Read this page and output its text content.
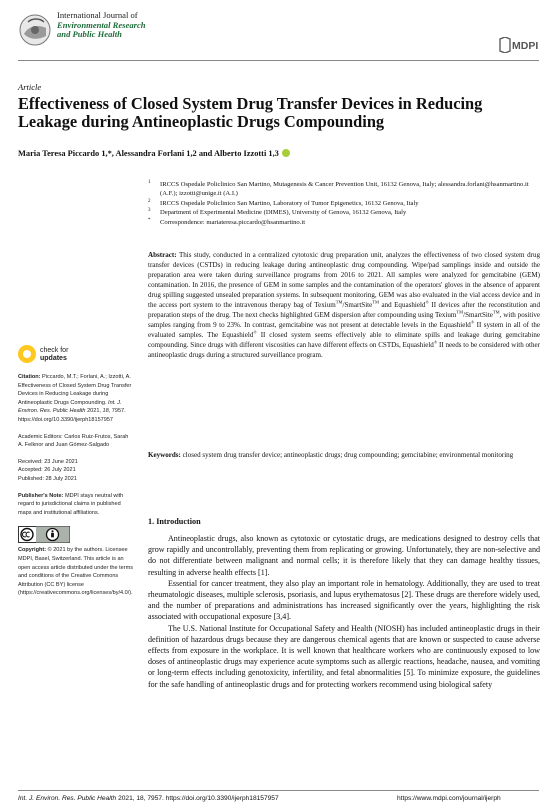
International Journal of
Environmental Research
and Public Health
MDPI
Article
Effectiveness of Closed System Drug Transfer Devices in Reducing Leakage during Antineoplastic Drugs Compounding
Maria Teresa Piccardo 1,*, Alessandra Forlani 1,2 and Alberto Izzotti 1,3
1 IRCCS Ospedale Policlinico San Martino, Mutagenesis & Cancer Prevention Unit, 16132 Genova, Italy; alessandra.forlani@hsanmartino.it (A.F.); izzotti@unige.it (A.I.)
2 IRCCS Ospedale Policlinico San Martino, Laboratory of Tumor Epigenetics, 16132 Genova, Italy
3 Department of Experimental Medicine (DIMES), University of Genova, 16132 Genova, Italy
* Correspondence: mariateresa.piccardo@hsanmartino.it
Abstract: This study, conducted in a centralized cytotoxic drug preparation unit, analyzes the effectiveness of two closed system drug transfer devices (CSTDs) in reducing leakage during antineoplastic drug compounding. Wipe/pad samplings inside and outside the preparation area were taken during surveillance programs from 2016 to 2021. All samples were analyzed for gemcitabine (GEM) contamination. In 2016, the presence of GEM in some samples and the contamination of the operators' gloves in the absence of apparent drug spilling suggested unsealed preparation systems. In subsequent monitoring, GEM was also evaluated in the vial access device and in the access port system to the intravenous therapy bag of Texium™/SmartSite™ and Equashield® II devices after the reconstitution and preparation steps of the drug. The next checks highlighted GEM dispersion after compounding using Texium™/SmartSite™, with positive samples ranging from 9 to 23%. In contrast, gemcitabine was not present at detectable levels in the Equashield® II system in all of the evaluated samples. The Equashield® II closed system seems effectively able to eliminate spills and leakage during gemcitabine compounding. Since drugs with different viscosities can have different effects on CSTDs, Equashield® II needs to be considered with other antineoplastic drugs during a structured surveillance program.
Keywords: closed system drug transfer device; antineoplastic drugs; drug compounding; gemcitabine; environmental monitoring
check for
updates

Citation: Piccardo, M.T.; Forlani, A.; Izzotti, A. Effectiveness of Closed System Drug Transfer Devices in Reducing Leakage during Antineoplastic Drugs Compounding. Int. J. Environ. Res. Public Health 2021, 18, 7957. https://doi.org/10.3390/ijerph18157957

Academic Editors: Carlos Ruiz-Frutos, Sarah A. Felknor and Juan Gómez-Salgado

Received: 23 June 2021

Accepted: 26 July 2021

Published: 28 July 2021

Publisher's Note: MDPI stays neutral with regard to jurisdictional claims in published maps and institutional affiliations.

Copyright: © 2021 by the authors. Licensee MDPI, Basel, Switzerland. This article is an open access article distributed under the terms and conditions of the Creative Commons Attribution (CC BY) license (https://creativecommons.org/licenses/by/4.0/).

1. Introduction

Antineoplastic drugs, also known as cytotoxic or cytostatic drugs, are medications designed to destroy cells that grow rapidly and uncontrollably, preventing them from replicating or growing. Unfortunately, they are non-selective and do not differentiate between malignant and normal cells; it is therefore likely that they can damage healthy tissues, resulting in adverse health effects [1].

Essential for cancer treatment, they also play an important role in hematology. Additionally, they are used to treat rheumatologic diseases, multiple sclerosis, psoriasis, and lupus erythematosus [2]. These drugs are therefore widely used, and the number of preparations and administrations has increased significantly over the years, highlighting the risk associated with occupational exposure [3,4].

The U.S. National Institute for Occupational Safety and Health (NIOSH) has included antineoplastic drugs in their definition of hazardous drugs because they are dangerous chemical agents that are known or suspected to cause adverse effects from exposure in the workplace. It is well known that healthcare workers who are continuously exposed to low doses of antineoplastic drugs may experience acute symptoms such as allergic reactions, headache, nausea, and vomiting or long-term effects including genotoxicity, infertility, and fetal abnormalities [5]. To minimize exposure, the guidelines for the safe handling of antineoplastic drugs and for protecting workers recommend using biological safety

Int. J. Environ. Res. Public Health 2021, 18, 7957. https://doi.org/10.3390/ijerph18157957	https://www.mdpi.com/journal/ijerph
